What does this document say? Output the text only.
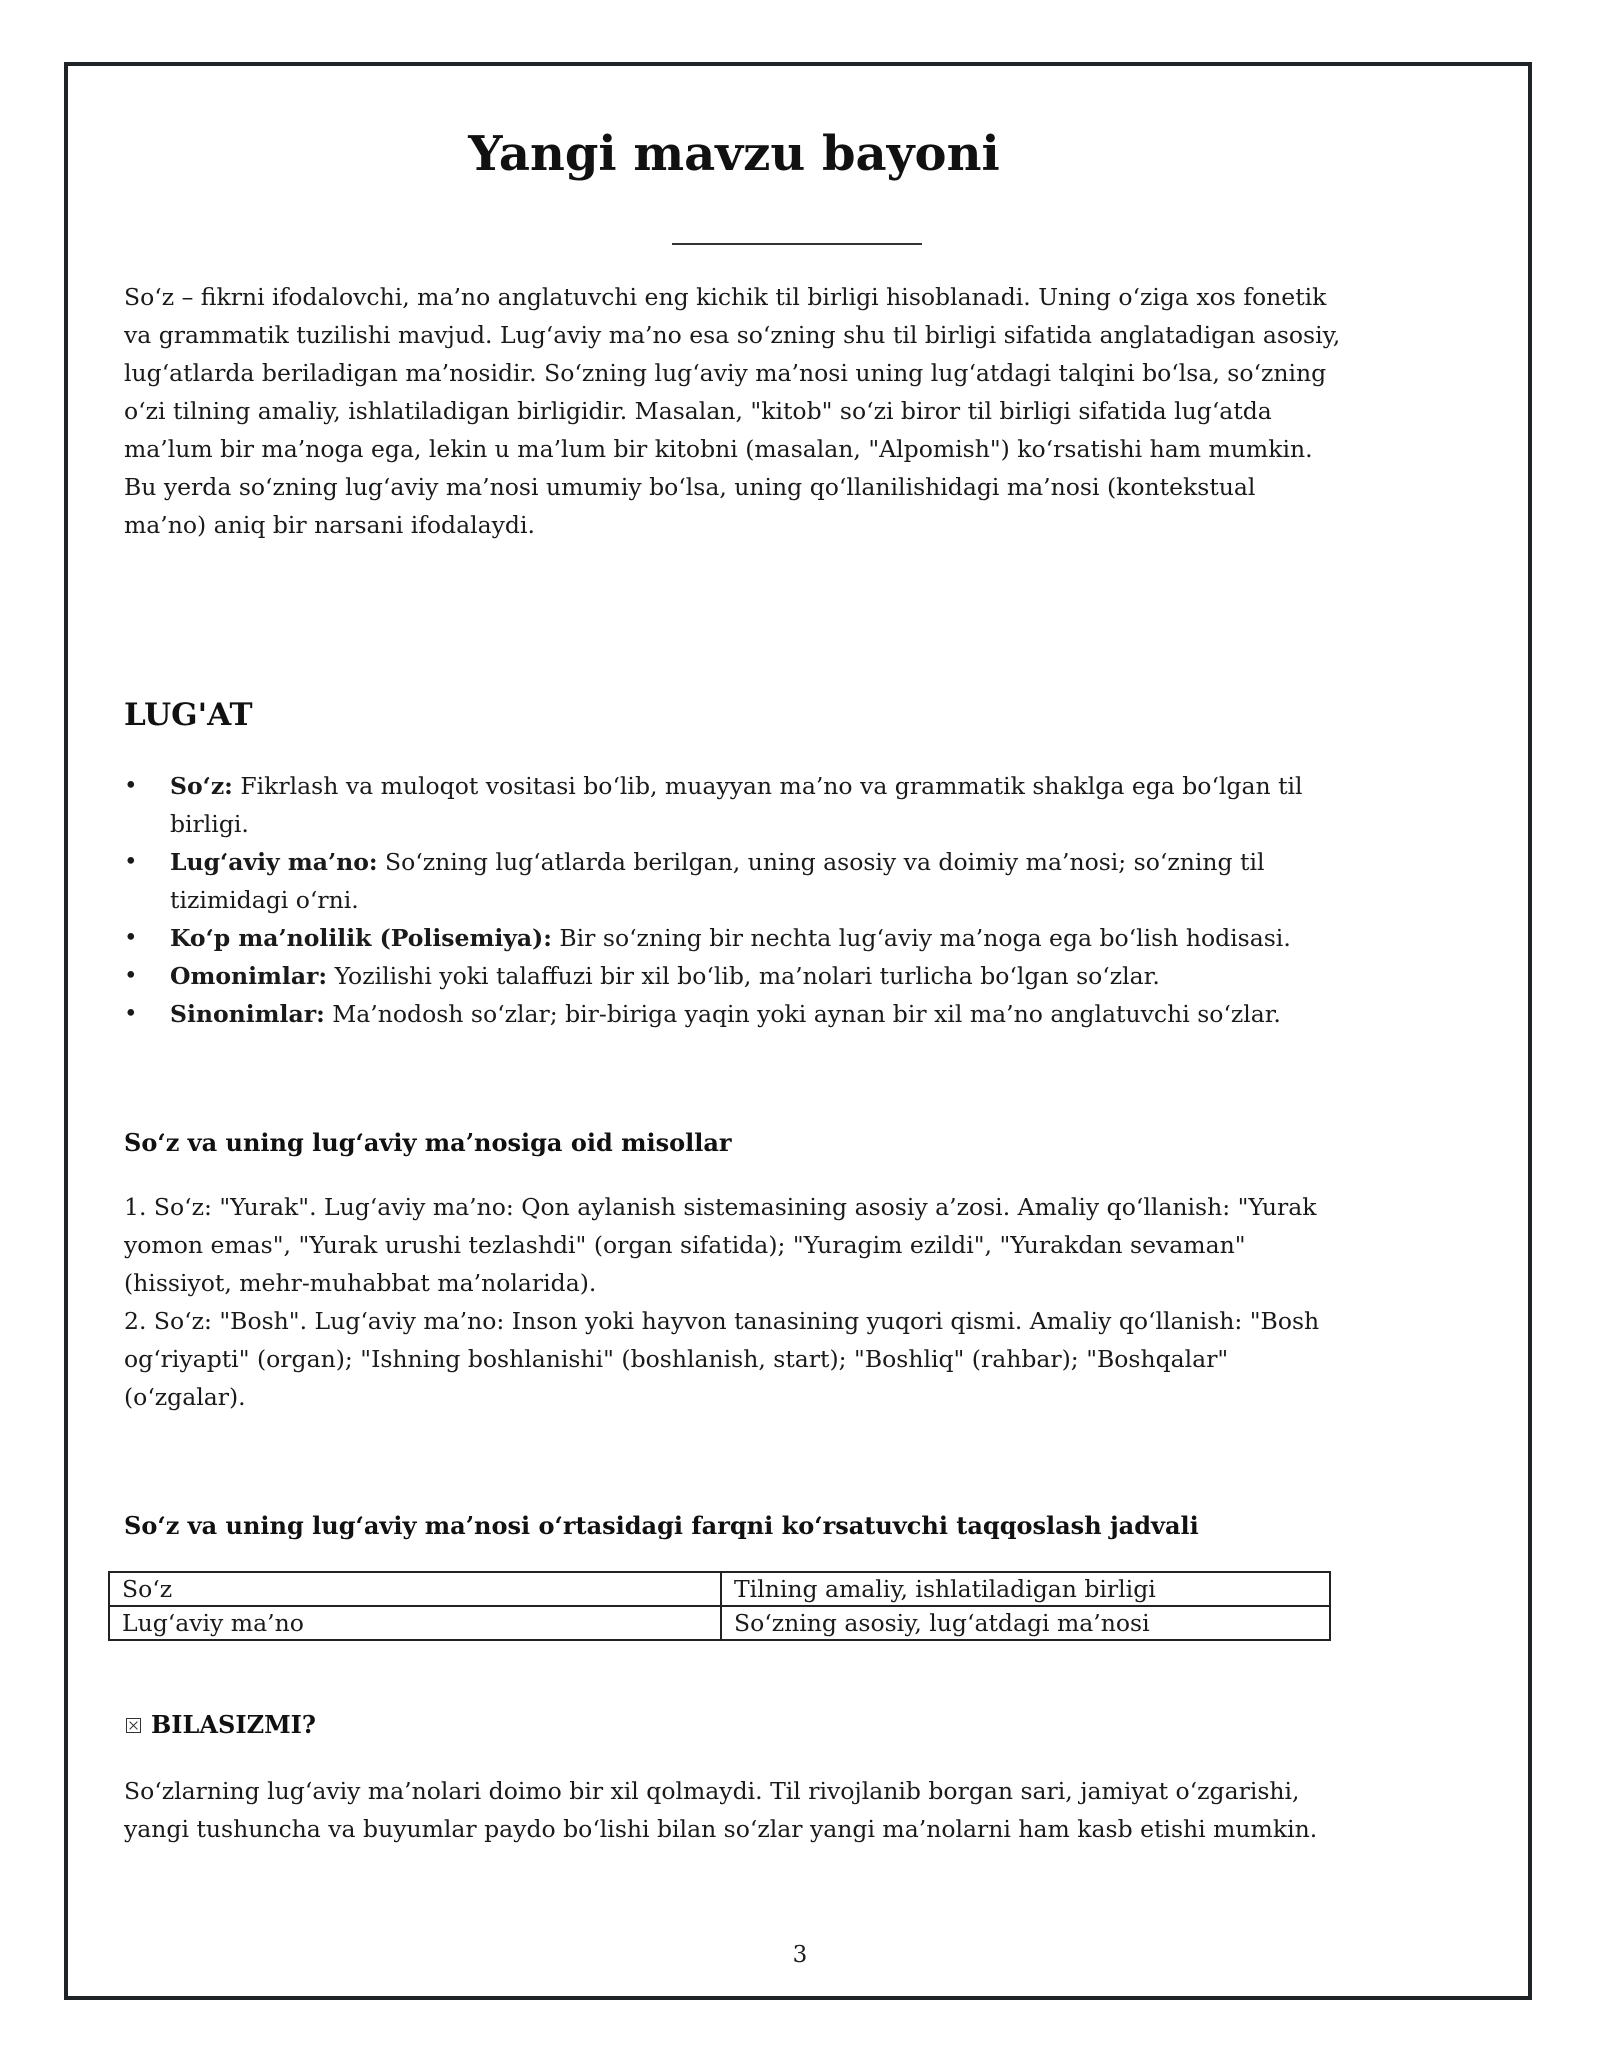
Yangi mavzu bayoni

So‘z – fikrni ifodalovchi, ma’no anglatuvchi eng kichik til birligi hisoblanadi. Uning o‘ziga xos fonetik va grammatik tuzilishi mavjud. Lug‘aviy ma’no esa so‘zning shu til birligi sifatida anglatadigan asosiy, lug‘atlarda beriladigan ma’nosidir. So‘zning lug‘aviy ma’nosi uning lug‘atdagi talqini bo‘lsa, so‘zning o‘zi tilning amaliy, ishlatiladigan birligidir. Masalan, "kitob" so‘zi biror til birligi sifatida lug‘atda ma’lum bir ma’noga ega, lekin u ma’lum bir kitobni (masalan, "Alpomish") ko‘rsatishi ham mumkin. Bu yerda so‘zning lug‘aviy ma’nosi umumiy bo‘lsa, uning qo‘llanilishidagi ma’nosi (kontekstual ma’no) aniq bir narsani ifodalaydi.

LUG'AT
• So‘z: Fikrlash va muloqot vositasi bo‘lib, muayyan ma’no va grammatik shaklga ega bo‘lgan til birligi.
• Lug‘aviy ma’no: So‘zning lug‘atlarda berilgan, uning asosiy va doimiy ma’nosi; so‘zning til tizimidagi o‘rni.
• Ko‘p ma’nolilik (Polisemiya): Bir so‘zning bir nechta lug‘aviy ma’noga ega bo‘lish hodisasi.
• Omonimlar: Yozilishi yoki talaffuzi bir xil bo‘lib, ma’nolari turlicha bo‘lgan so‘zlar.
• Sinonimlar: Ma’nodosh so‘zlar; bir-biriga yaqin yoki aynan bir xil ma’no anglatuvchi so‘zlar.
So‘z va uning lug‘aviy ma’nosiga oid misollar

1. So‘z: "Yurak". Lug‘aviy ma’no: Qon aylanish sistemasining asosiy a’zosi. Amaliy qo‘llanish: "Yurak yomon emas", "Yurak urushi tezlashdi" (organ sifatida); "Yuragim ezildi", "Yurakdan sevaman" (hissiyot, mehr-muhabbat ma’nolarida).

2. So‘z: "Bosh". Lug‘aviy ma’no: Inson yoki hayvon tanasining yuqori qismi. Amaliy qo‘llanish: "Bosh og‘riyapti" (organ); "Ishning boshlanishi" (boshlanish, start); "Boshliq" (rahbar); "Boshqalar" (o‘zgalar).

So‘z va uning lug‘aviy ma’nosi o‘rtasidagi farqni ko‘rsatuvchi taqqoslash jadvali
So‘z	Tilning amaliy, ishlatiladigan birligi
Lug‘aviy ma’no	So‘zning asosiy, lug‘atdagi ma’nosi
BILASIZMI?

So‘zlarning lug‘aviy ma’nolari doimo bir xil qolmaydi. Til rivojlanib borgan sari, jamiyat o‘zgarishi, yangi tushuncha va buyumlar paydo bo‘lishi bilan so‘zlar yangi ma’nolarni ham kasb etishi mumkin.

3
